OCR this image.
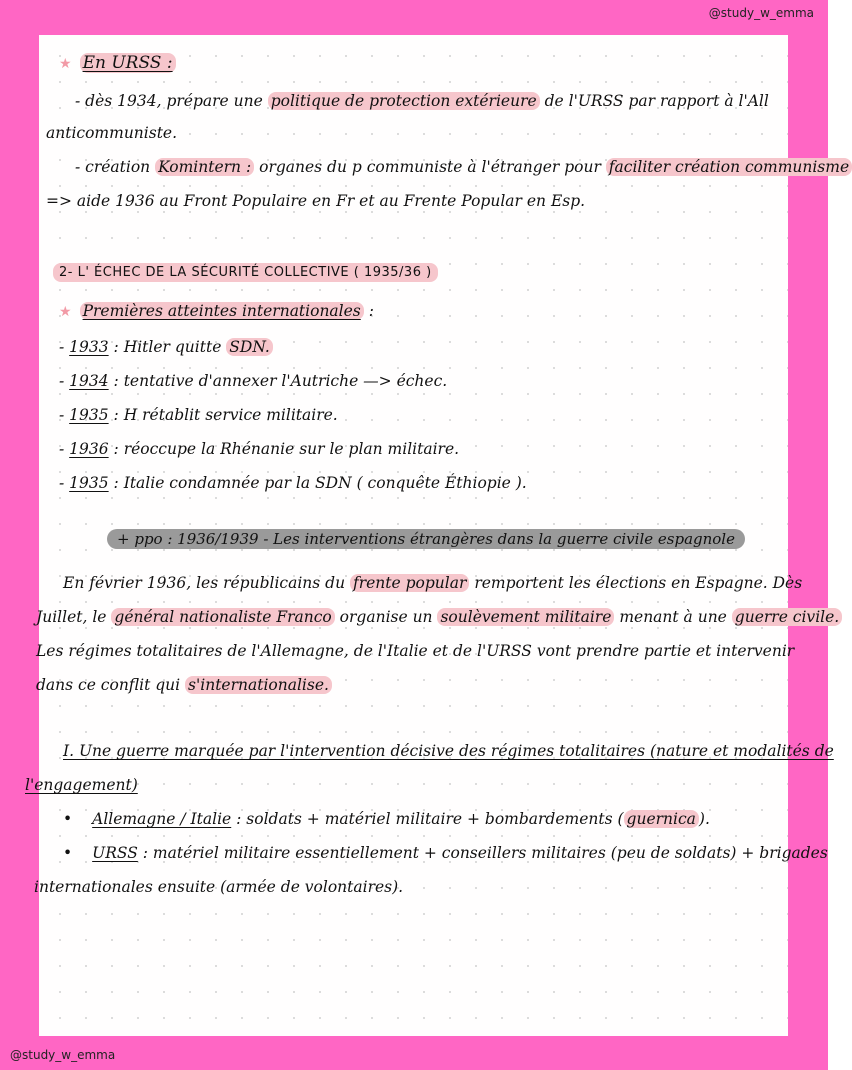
@study_w_emma
★ En URSS :
- dès 1934, prépare une politique de protection extérieure de l'URSS par rapport à l'All
anticommuniste.
- création Komintern : organes du p communiste à l'étranger pour faciliter création communisme
=> aide 1936 au Front Populaire en Fr et au Frente Popular en Esp.
2- L' ÉCHEC DE LA SÉCURITÉ COLLECTIVE ( 1935/36 )
★ Premières atteintes internationales :
- 1933 : Hitler quitte SDN.
- 1934 : tentative d'annexer l'Autriche —> échec.
- 1935 : H rétablit service militaire.
- 1936 : réoccupe la Rhénanie sur le plan militaire.
- 1935 : Italie condamnée par la SDN ( conquête Éthiopie ).
+ ppo : 1936/1939 - Les interventions étrangères dans la guerre civile espagnole
En février 1936, les républicains du frente popular remportent les élections en Espagne. Dès
Juillet, le général nationaliste Franco organise un soulèvement militaire menant à une guerre civile.
Les régimes totalitaires de l'Allemagne, de l'Italie et de l'URSS vont prendre partie et intervenir
dans ce conflit qui s'internationalise.
I. Une guerre marquée par l'intervention décisive des régimes totalitaires (nature et modalités de
l'engagement)
• Allemagne / Italie : soldats + matériel militaire + bombardements ( guernica ).
• URSS : matériel militaire essentiellement + conseillers militaires (peu de soldats) + brigades
internationales ensuite (armée de volontaires).
@study_w_emma
